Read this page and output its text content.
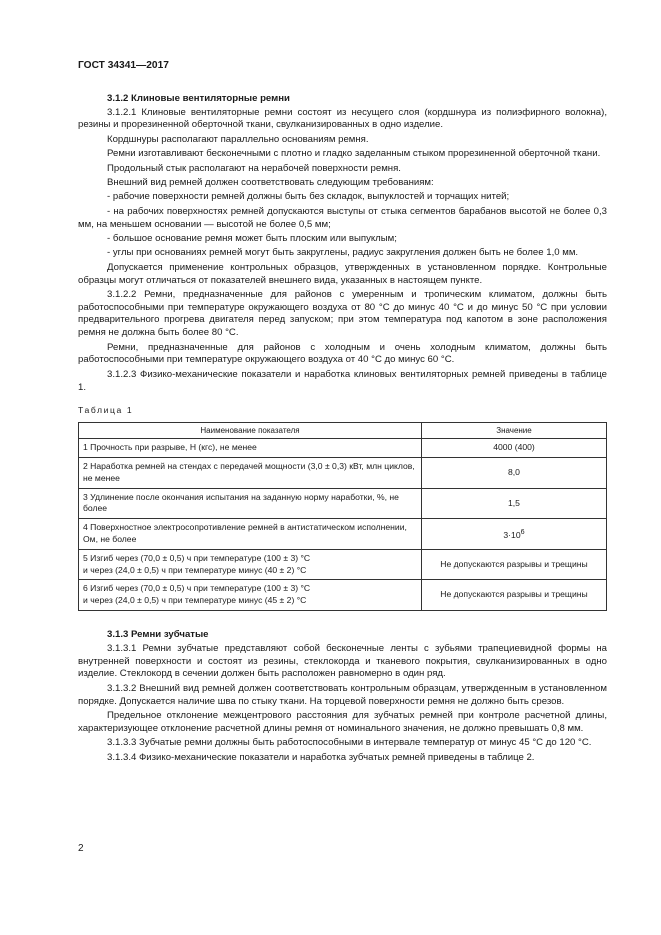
ГОСТ 34341—2017
3.1.2 Клиновые вентиляторные ремни

3.1.2.1 Клиновые вентиляторные ремни состоят из несущего слоя (кордшнура из полиэфирного волокна), резины и прорезиненной оберточной ткани, свулканизированных в одно изделие.

Кордшнуры располагают параллельно основаниям ремня.

Ремни изготавливают бесконечными с плотно и гладко заделанным стыком прорезиненной оберточной ткани.

Продольный стык располагают на нерабочей поверхности ремня.

Внешний вид ремней должен соответствовать следующим требованиям:

- рабочие поверхности ремней должны быть без складок, выпуклостей и торчащих нитей;

- на рабочих поверхностях ремней допускаются выступы от стыка сегментов барабанов высотой не более 0,3 мм, на меньшем основании — высотой не более 0,5 мм;

- большое основание ремня может быть плоским или выпуклым;

- углы при основаниях ремней могут быть закруглены, радиус закругления должен быть не более 1,0 мм.

Допускается применение контрольных образцов, утвержденных в установленном порядке. Контрольные образцы могут отличаться от показателей внешнего вида, указанных в настоящем пункте.

3.1.2.2 Ремни, предназначенные для районов с умеренным и тропическим климатом, должны быть работоспособными при температуре окружающего воздуха от 80 °С до минус 40 °С и до минус 50 °С при условии предварительного прогрева двигателя перед запуском; при этом температура под капотом в зоне расположения ремня не должна быть более 80 °С.

Ремни, предназначенные для районов с холодным и очень холодным климатом, должны быть работоспособными при температуре окружающего воздуха от 40 °С до минус 60 °С.

3.1.2.3 Физико-механические показатели и наработка клиновых вентиляторных ремней приведены в таблице 1.

Таблица 1
Наименование показателя	Значение
1 Прочность при разрыве, Н (кгс), не менее	4000 (400)
2 Наработка ремней на стендах с передачей мощности (3,0 ± 0,3) кВт, млн циклов, не менее	8,0
3 Удлинение после окончания испытания на заданную норму наработки, %, не более	1,5
4 Поверхностное электросопротивление ремней в антистатическом исполнении, Ом, не более	$3\cdot 10^6$

5 Изгиб через (70,0 ± 0,5) ч при температуре (100 ± 3) °С
и через (24,0 ± 0,5) ч при температуре минус (40 ± 2) °С	Не допускаются разрывы и трещины

6 Изгиб через (70,0 ± 0,5) ч при температуре (100 ± 3) °С
и через (24,0 ± 0,5) ч при температуре минус (45 ± 2) °С	Не допускаются разрывы и трещины
3.1.3 Ремни зубчатые

3.1.3.1 Ремни зубчатые представляют собой бесконечные ленты с зубьями трапециевидной формы на внутренней поверхности и состоят из резины, стеклокорда и тканевого покрытия, свулканизированных в одно изделие. Стеклокорд в сечении должен быть расположен равномерно в один ряд.

3.1.3.2 Внешний вид ремней должен соответствовать контрольным образцам, утвержденным в установленном порядке. Допускается наличие шва по стыку ткани. На торцевой поверхности ремня не должно быть срезов.

Предельное отклонение межцентрового расстояния для зубчатых ремней при контроле расчетной длины, характеризующее отклонение расчетной длины ремня от номинального значения, не должно превышать 0,8 мм.

3.1.3.3 Зубчатые ремни должны быть работоспособными в интервале температур от минус 45 °С до 120 °С.

3.1.3.4 Физико-механические показатели и наработка зубчатых ремней приведены в таблице 2.

2
